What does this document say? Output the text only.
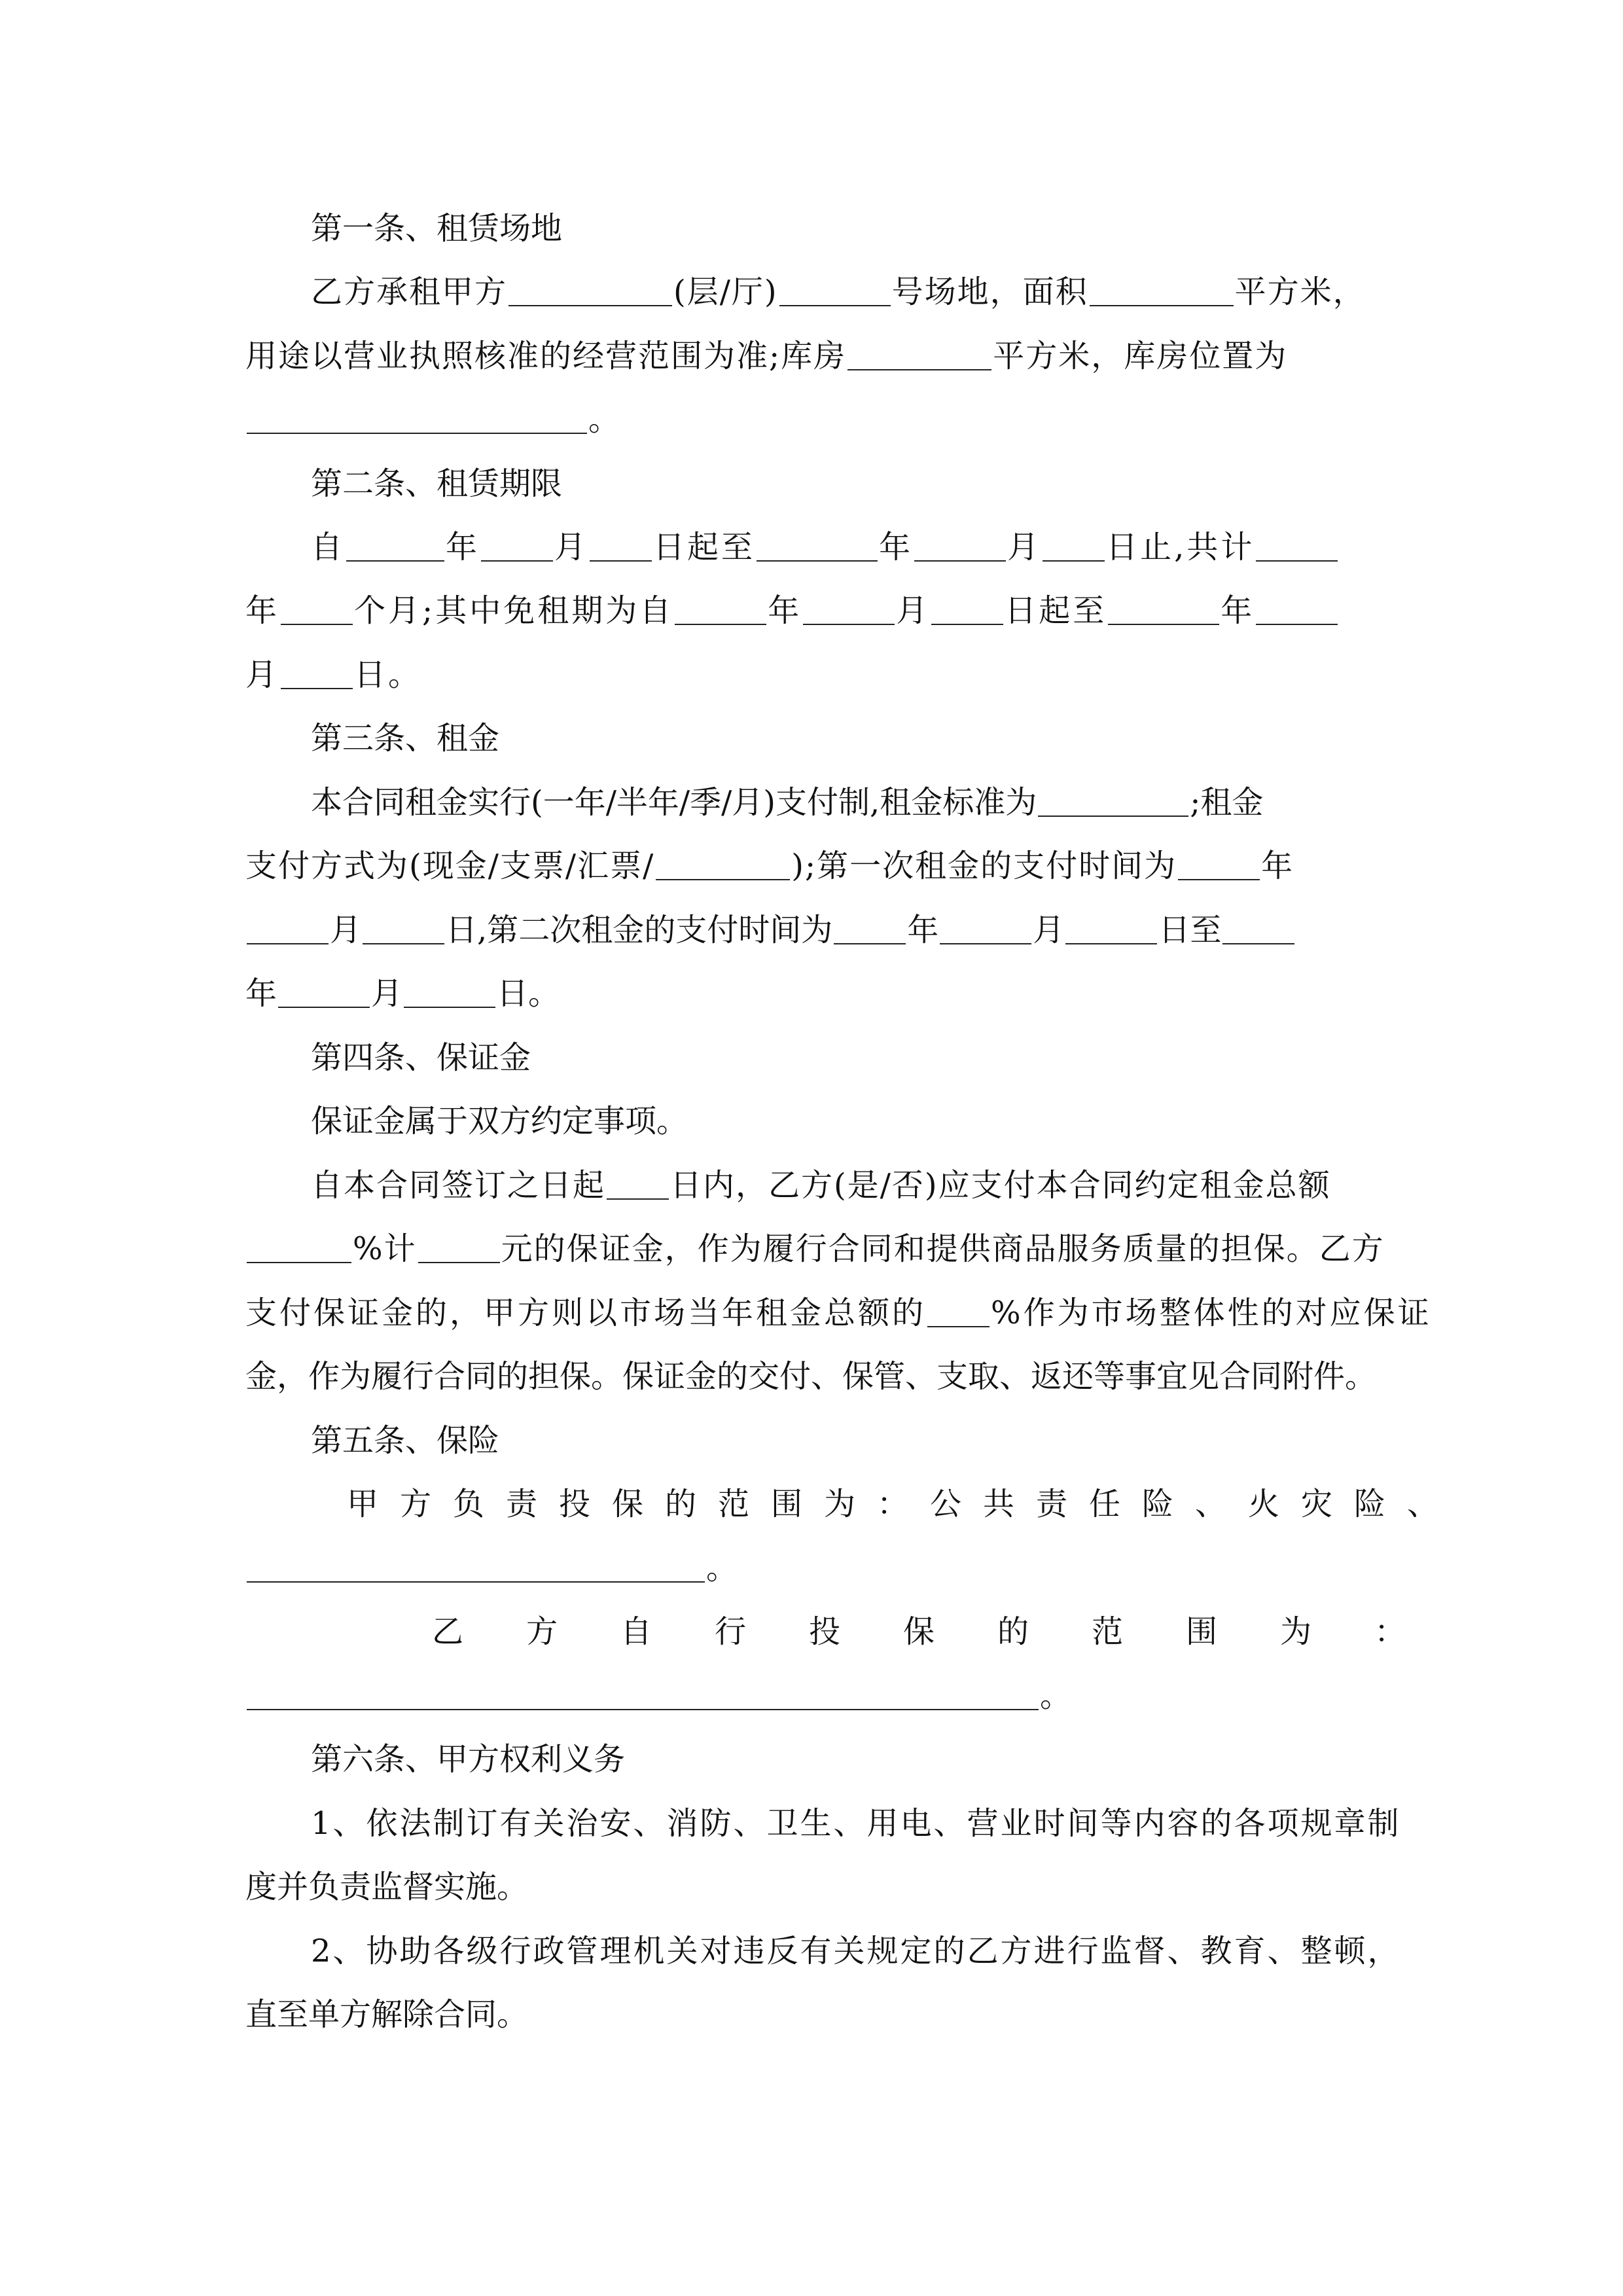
第一条、租赁场地
乙方承租甲方	(层/厅)	号场地，面积	平方米，
用途以营业执照核准的经营范围为准;库房	平方米，库房位置为
。
第二条、租赁期限
自	年 月 日起至	年	月 日止,共计
年 个月;其中免租期为自	年	月 日起至	年
月 日。
第三条、租金
本合同租金实行(一年/半年/季/月)支付制,租金标准为	;租金
支付方式为(现金/支票/汇票/	);第一次租金的支付时间为	年
月	日,第二次租金的支付时间为 年	月	日至
年	月	日。
第四条、保证金
保证金属于双方约定事项。
自本合同签订之日起 日内，乙方(是/否)应支付本合同约定租金总额
%计	元的保证金，作为履行合同和提供商品服务质量的担保。乙方
支付保证金的，甲方则以市场当年租金总额的 %作为市场整体性的对应保证
金，作为履行合同的担保。保证金的交付、保管、支取、返还等事宜见合同附件。
第五条、保险
甲方负责投保的范围为：公共责任险、火灾险、
。
乙方自行投保的范围为：
。
第六条、甲方权利义务
1、依法制订有关治安、消防、卫生、用电、营业时间等内容的各项规章制
度并负责监督实施。
2、协助各级行政管理机关对违反有关规定的乙方进行监督、教育、整顿，
直至单方解除合同。
